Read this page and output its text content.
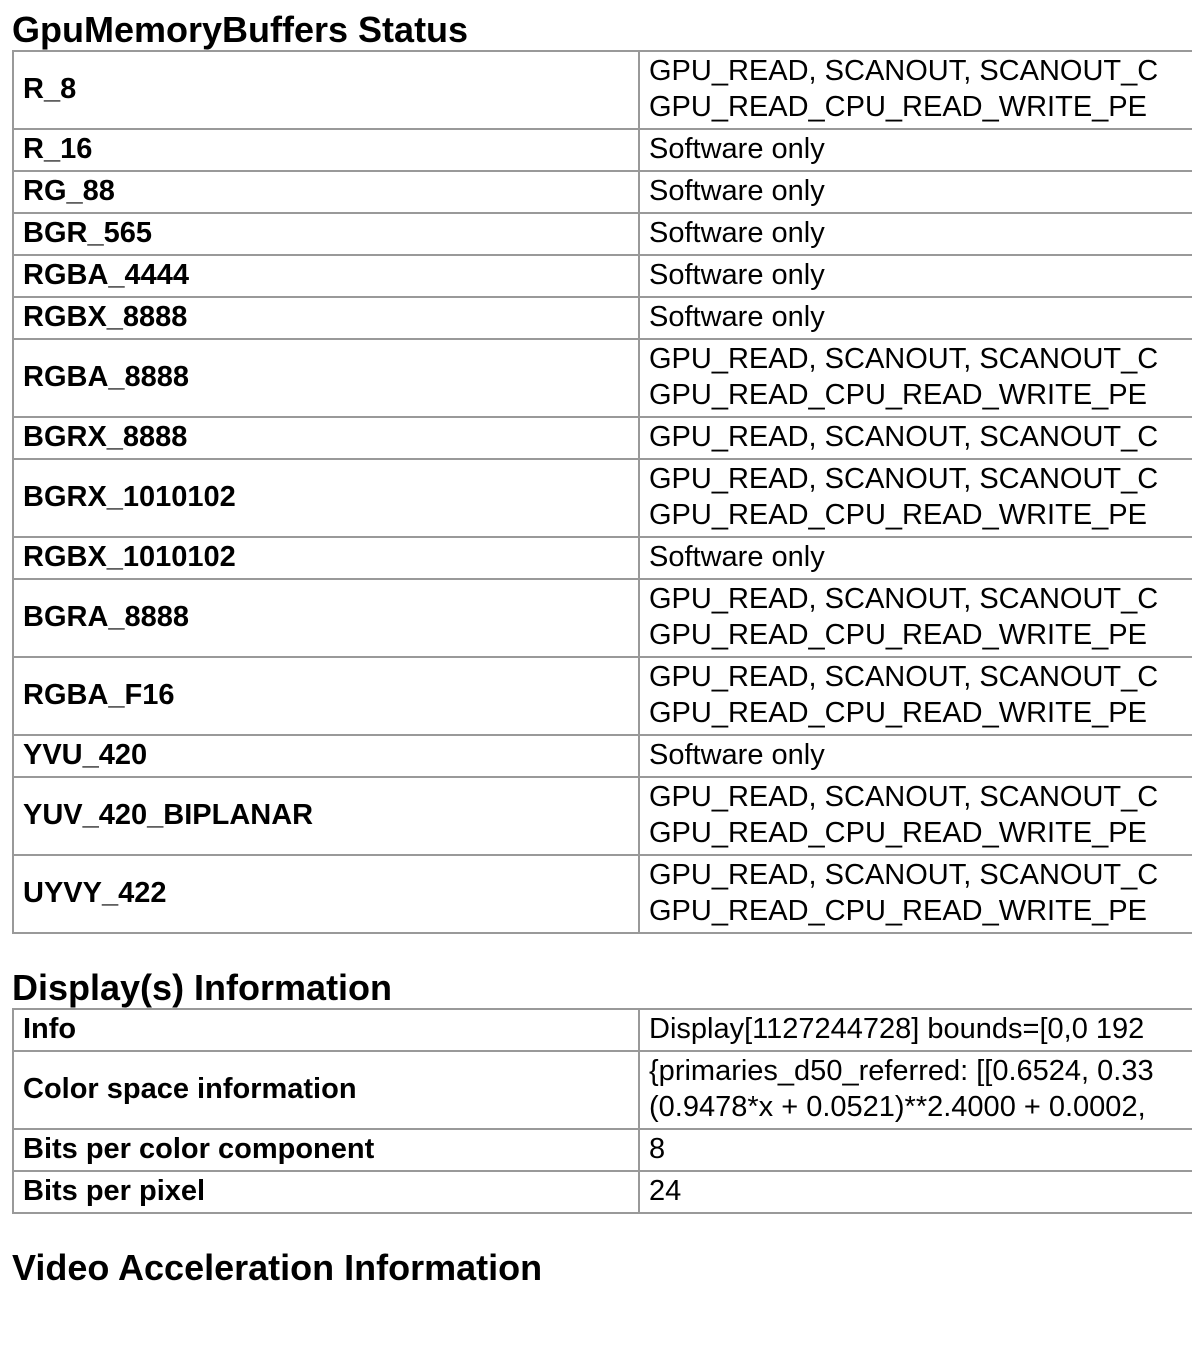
GpuMemoryBuffers Status
R_8	GPU_READ, SCANOUT, SCANOUT_C
GPU_READ_CPU_READ_WRITE_PE

R_16	Software only

RG_88	Software only

BGR_565	Software only

RGBA_4444	Software only

RGBX_8888	Software only

RGBA_8888	GPU_READ, SCANOUT, SCANOUT_C
GPU_READ_CPU_READ_WRITE_PE

BGRX_8888	GPU_READ, SCANOUT, SCANOUT_C

BGRX_1010102	GPU_READ, SCANOUT, SCANOUT_C
GPU_READ_CPU_READ_WRITE_PE

RGBX_1010102	Software only

BGRA_8888	GPU_READ, SCANOUT, SCANOUT_C
GPU_READ_CPU_READ_WRITE_PE

RGBA_F16	GPU_READ, SCANOUT, SCANOUT_C
GPU_READ_CPU_READ_WRITE_PE

YVU_420	Software only

YUV_420_BIPLANAR	GPU_READ, SCANOUT, SCANOUT_C
GPU_READ_CPU_READ_WRITE_PE

UYVY_422	GPU_READ, SCANOUT, SCANOUT_C
GPU_READ_CPU_READ_WRITE_PE
Display(s) Information
Info	Display[1127244728] bounds=[0,0 192

Color space information	{primaries_d50_referred: [[0.6524, 0.33
(0.9478*x + 0.0521)**2.4000 + 0.0002,

Bits per color component	8

Bits per pixel	24
Video Acceleration Information
